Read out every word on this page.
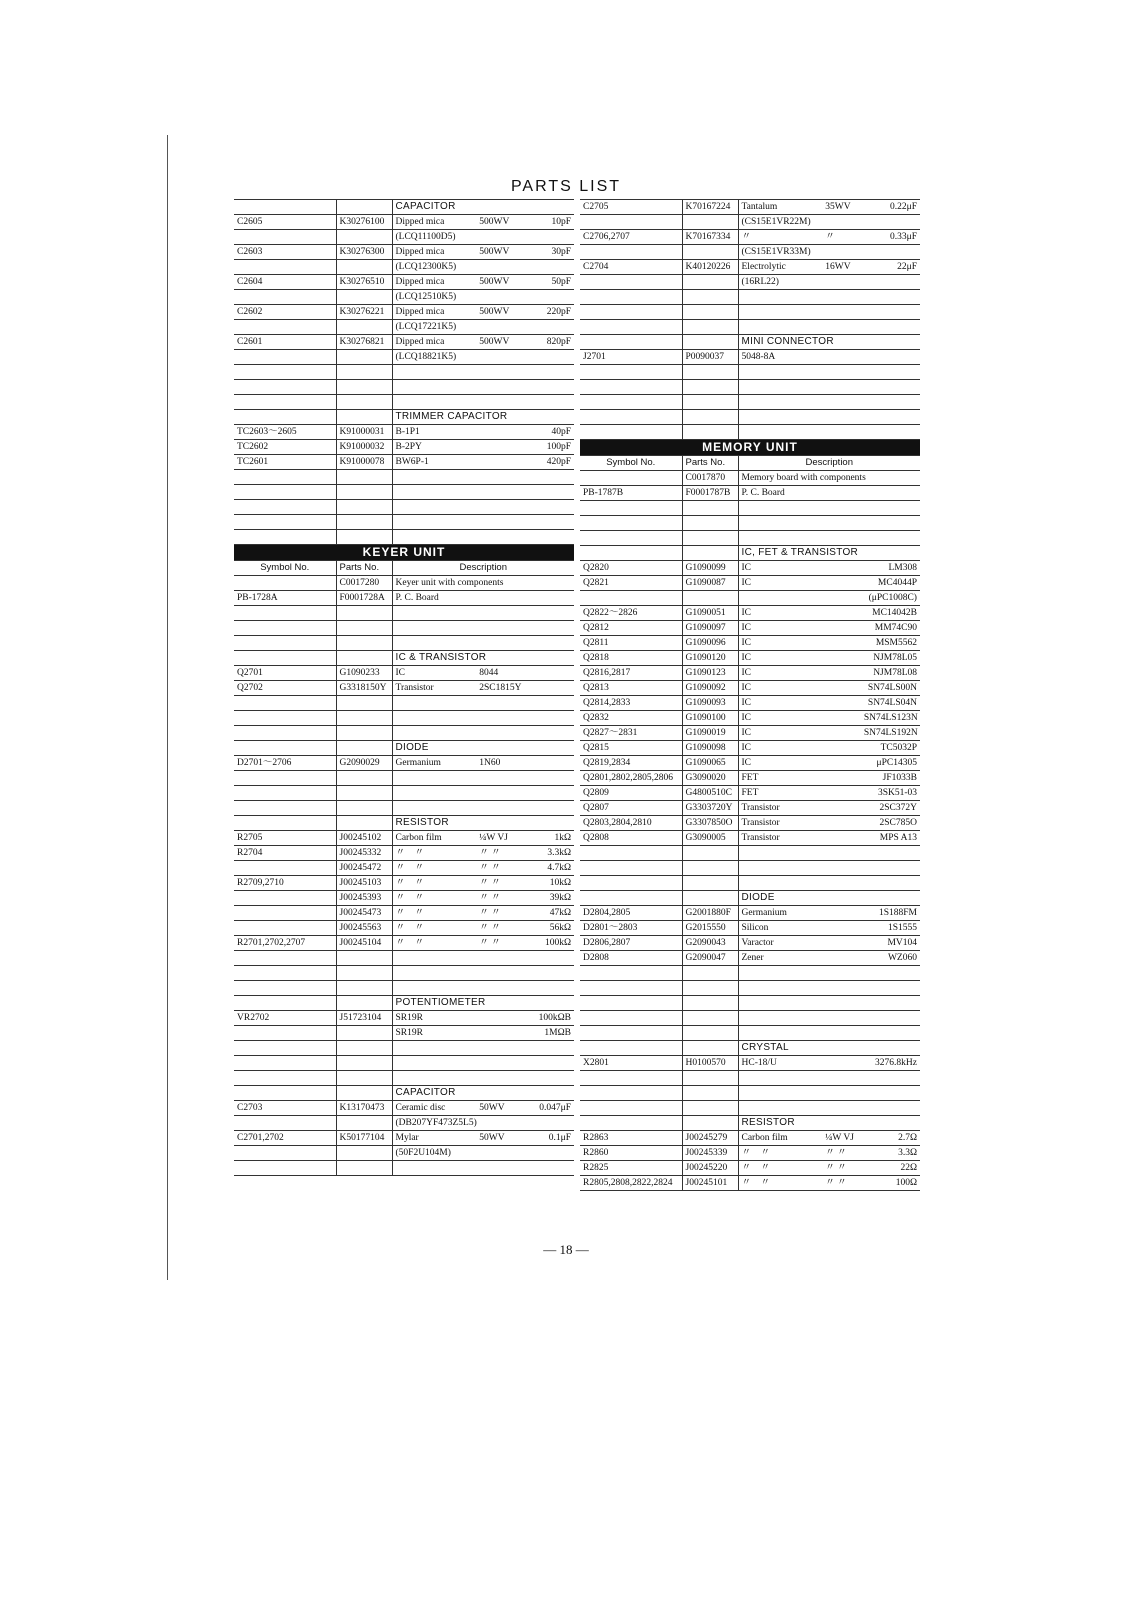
PARTS LIST
		CAPACITOR
C2605	K30276100	Dipped mica 500WV 10pF

		(LCQ11100D5)

C2603	K30276300	Dipped mica 500WV 30pF

		(LCQ12300K5)

C2604	K30276510	Dipped mica 500WV 50pF

		(LCQ12510K5)

C2602	K30276221	Dipped mica 500WV 220pF

		(LCQ17221K5)

C2601	K30276821	Dipped mica 500WV 820pF

		(LCQ18821K5)

		TRIMMER CAPACITOR
TC2603～2605	K91000031	B-1P1 40pF

TC2602	K91000032	B-2PY 100pF

TC2601	K91000078	BW6P-1 420pF

KEYER UNIT		
Symbol No.	Parts No.	Description
	C0017280	Keyer unit with components

PB-1728A	F0001728A	P. C. Board

		IC & TRANSISTOR
Q2701	G1090233	IC 8044

Q2702	G3318150Y	Transistor 2SC1815Y

		DIODE
D2701～2706	G2090029	Germanium 1N60

		RESISTOR
R2705	J00245102	Carbon film ¼W VJ 1kΩ

R2704	J00245332	〃　〃 〃 〃 3.3kΩ

	J00245472	〃　〃 〃 〃 4.7kΩ

R2709,2710	J00245103	〃　〃 〃 〃 10kΩ

	J00245393	〃　〃 〃 〃 39kΩ

	J00245473	〃　〃 〃 〃 47kΩ

	J00245563	〃　〃 〃 〃 56kΩ

R2701,2702,2707	J00245104	〃　〃 〃 〃 100kΩ

		POTENTIOMETER
VR2702	J51723104	SR19R 100kΩB

		SR19R 1MΩB

		CAPACITOR
C2703	K13170473	Ceramic disc 50WV 0.047μF

		(DB207YF473Z5L5)

C2701,2702	K50177104	Mylar 50WV 0.1μF

		(50F2U104M)

C2705	K70167224	Tantalum 35WV 0.22μF

		(CS15E1VR22M)

C2706,2707	K70167334	〃 〃 0.33μF

		(CS15E1VR33M)

C2704	K40120226	Electrolytic 16WV 22μF

		(16RL22)

		MINI CONNECTOR
J2701	P0090037	5048-8A

MEMORY UNIT		
Symbol No.	Parts No.	Description
	C0017870	Memory board with components

PB-1787B	F0001787B	P. C. Board

		IC, FET & TRANSISTOR
Q2820	G1090099	IC LM308

Q2821	G1090087	IC MC4044P

		(μPC1008C)

Q2822～2826	G1090051	IC MC14042B

Q2812	G1090097	IC MM74C90

Q2811	G1090096	IC MSM5562

Q2818	G1090120	IC NJM78L05

Q2816,2817	G1090123	IC NJM78L08

Q2813	G1090092	IC SN74LS00N

Q2814,2833	G1090093	IC SN74LS04N

Q2832	G1090100	IC SN74LS123N

Q2827～2831	G1090019	IC SN74LS192N

Q2815	G1090098	IC TC5032P

Q2819,2834	G1090065	IC μPC14305

Q2801,2802,2805,2806	G3090020	FET JF1033B

Q2809	G4800510C	FET 3SK51-03

Q2807	G3303720Y	Transistor 2SC372Y

Q2803,2804,2810	G3307850O	Transistor 2SC785O

Q2808	G3090005	Transistor MPS A13

		DIODE
D2804,2805	G2001880F	Germanium 1S188FM

D2801～2803	G2015550	Silicon 1S1555

D2806,2807	G2090043	Varactor MV104

D2808	G2090047	Zener WZ060

		CRYSTAL
X2801	H0100570	HC-18/U 3276.8kHz

		RESISTOR
R2863	J00245279	Carbon film ¼W VJ 2.7Ω

R2860	J00245339	〃　〃 〃 〃 3.3Ω

R2825	J00245220	〃　〃 〃 〃 22Ω

R2805,2808,2822,2824	J00245101	〃　〃 〃 〃 100Ω
— 18 —
